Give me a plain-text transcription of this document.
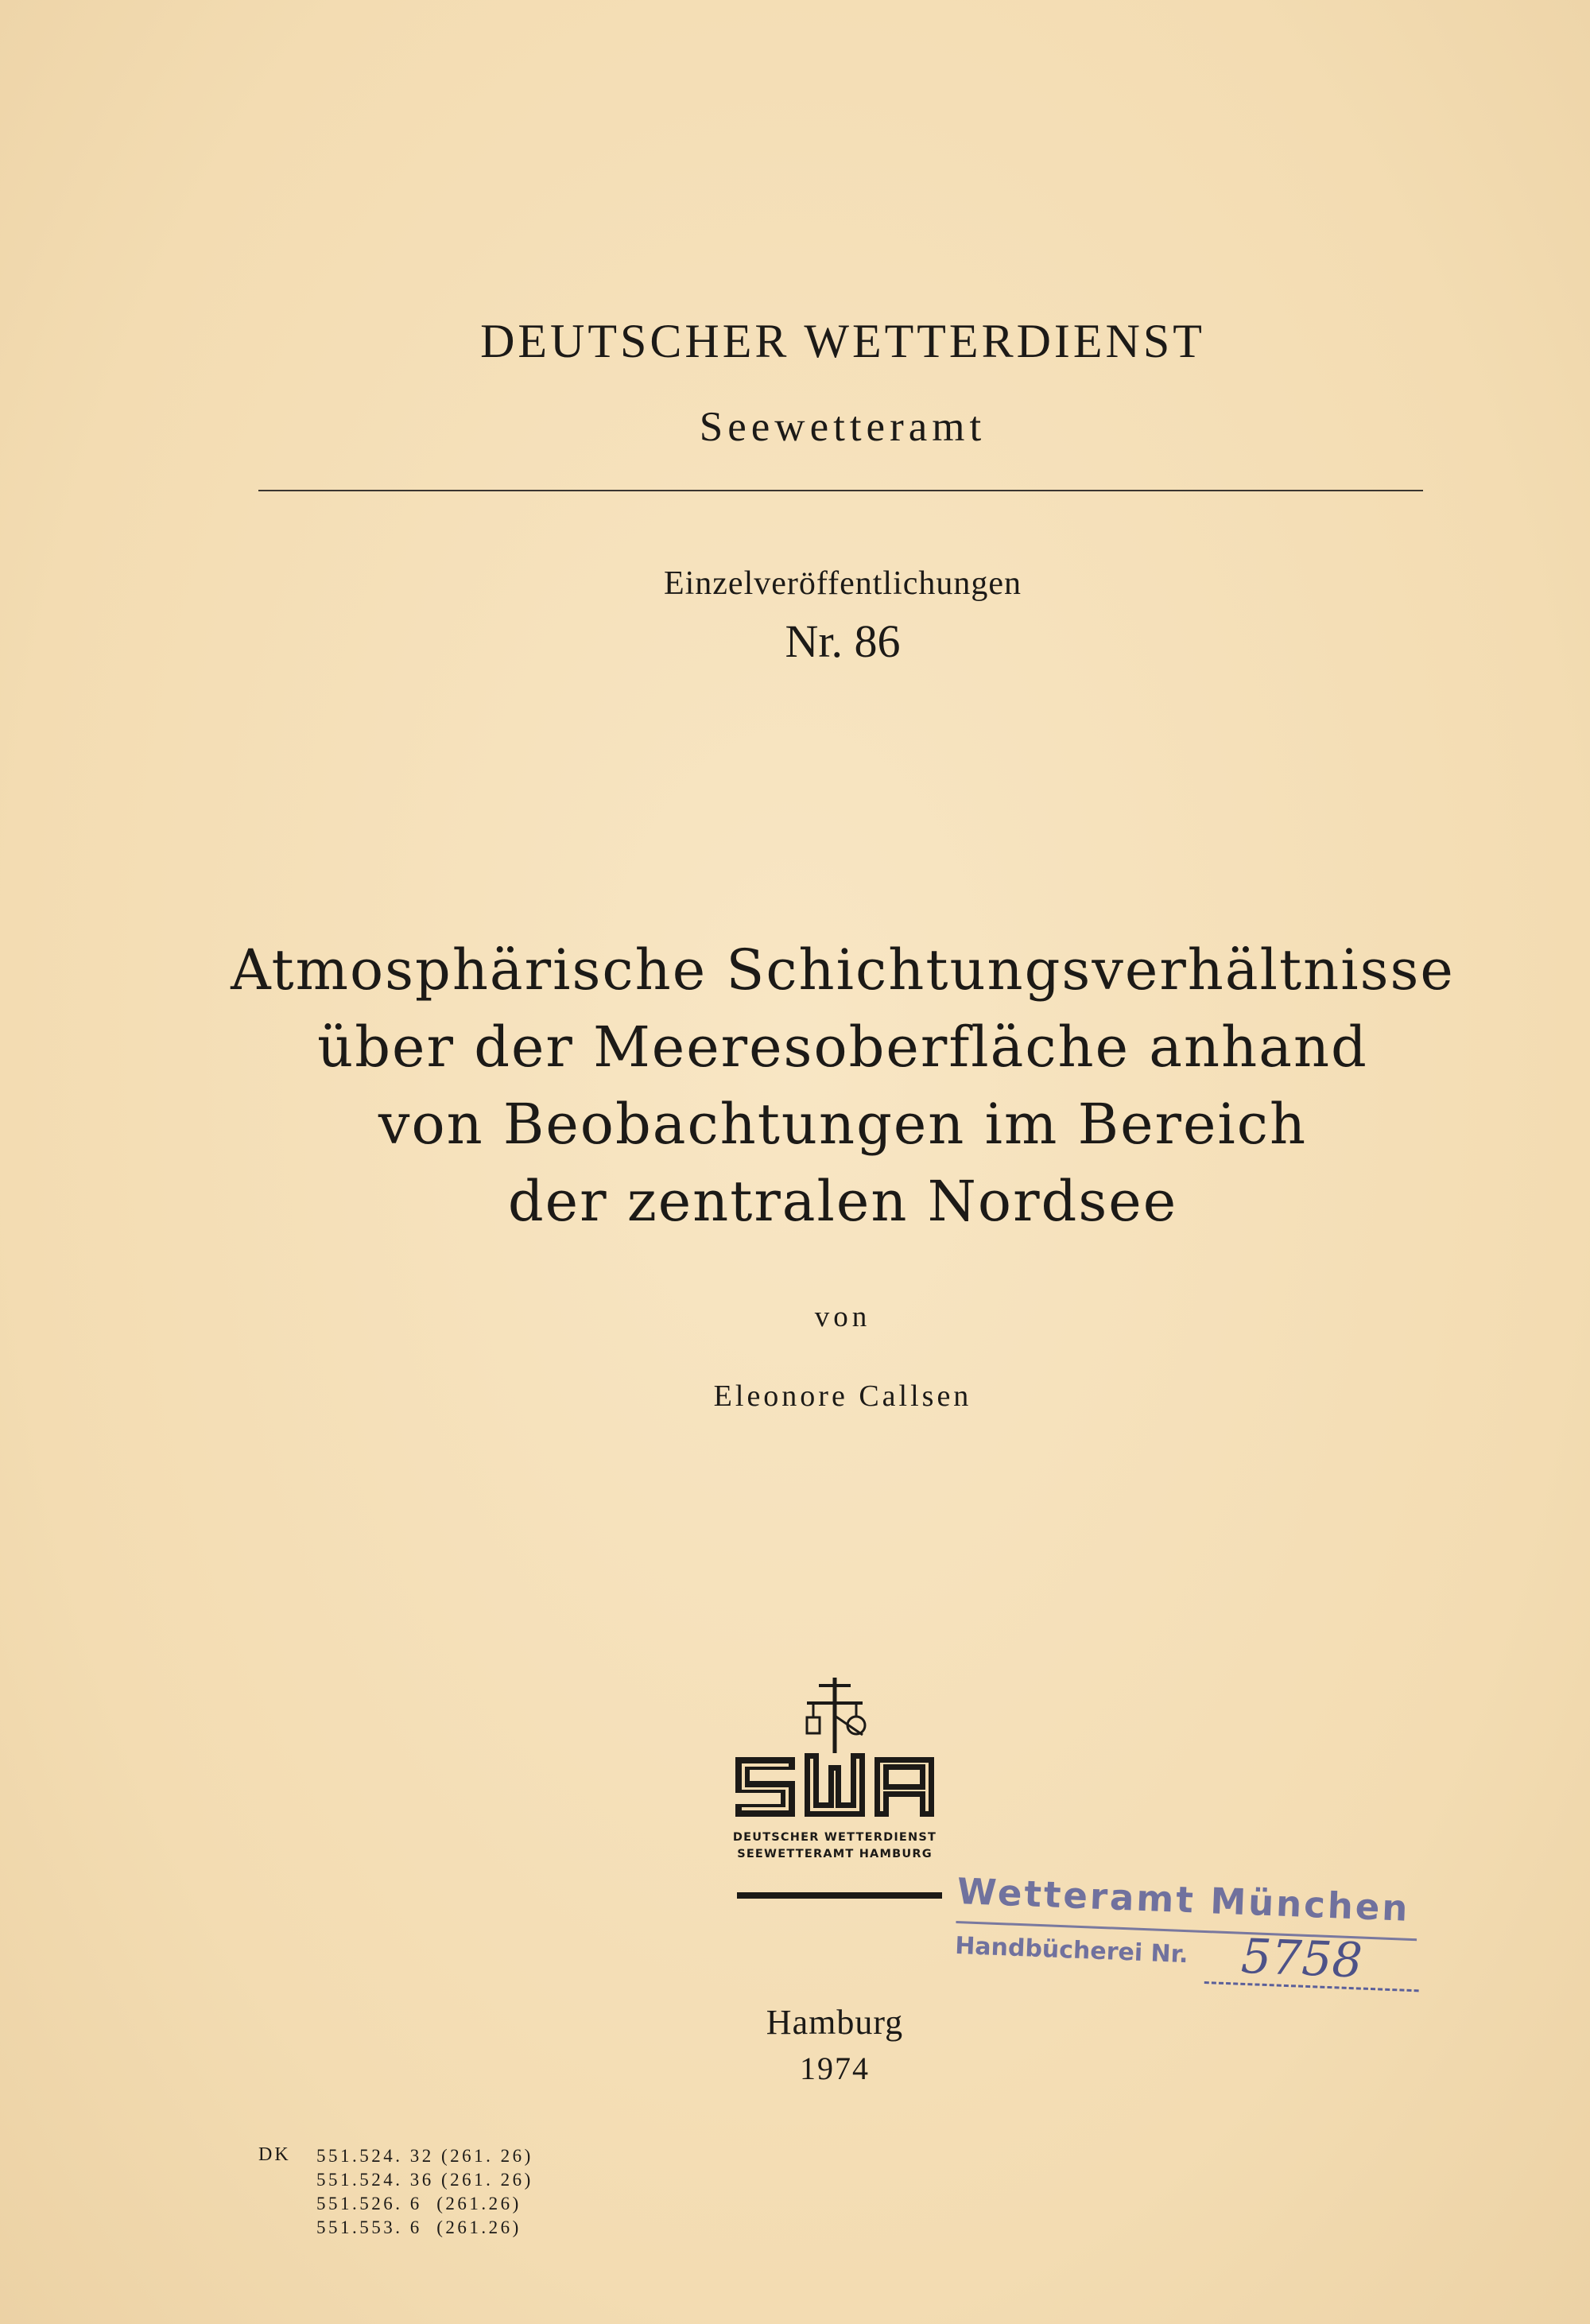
DEUTSCHER WETTERDIENST
Seewetteramt
Einzelveröffentlichungen
Nr. 86
Atmosphärische Schichtungsverhältnisse
über der Meeresoberfläche anhand
von Beobachtungen im Bereich
der zentralen Nordsee
von
Eleonore Callsen
DEUTSCHER WETTERDIENST
SEEWETTERAMT HAMBURG
Wetteramt München
Handbücherei Nr. 5758
Hamburg
1974
DK 551.524. 32 (261. 26)
551.524. 36 (261. 26)
551.526. 6  (261.26)
551.553. 6  (261.26)
